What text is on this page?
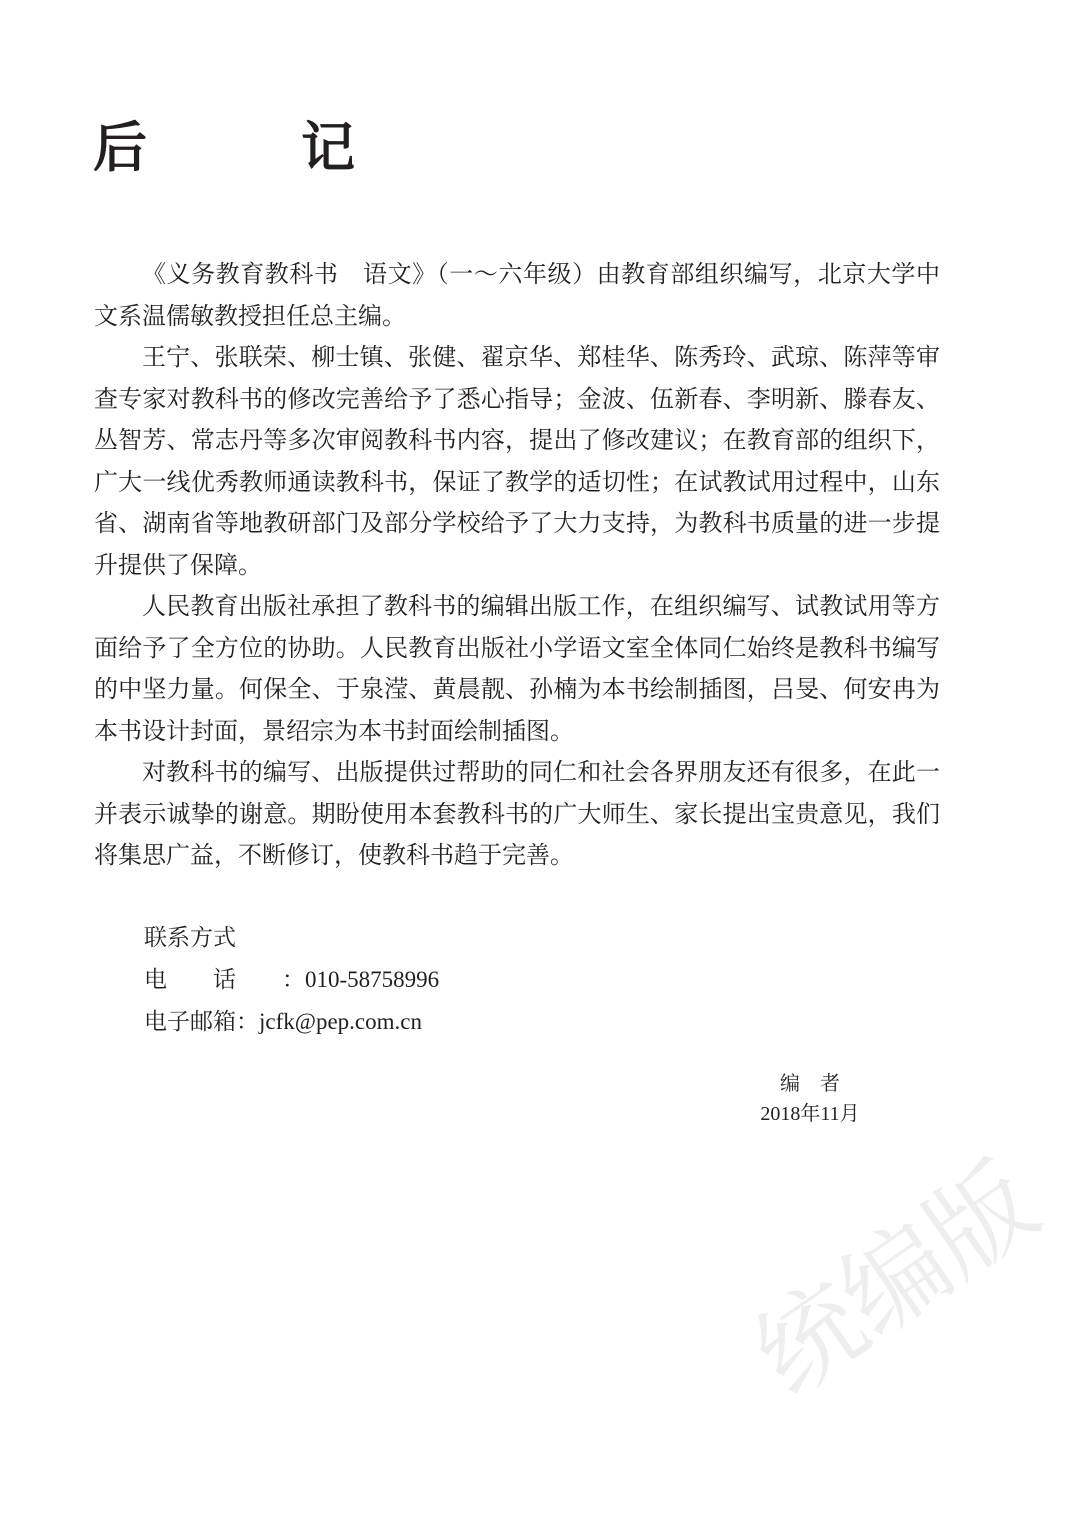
后　记

《义务教育教科书　语文》（一～六年级）由教育部组织编写，北京大学中文系温儒敏教授担任总主编。

王宁、张联荣、柳士镇、张健、翟京华、郑桂华、陈秀玲、武琼、陈萍等审查专家对教科书的修改完善给予了悉心指导；金波、伍新春、李明新、滕春友、丛智芳、常志丹等多次审阅教科书内容，提出了修改建议；在教育部的组织下，广大一线优秀教师通读教科书，保证了教学的适切性；在试教试用过程中，山东省、湖南省等地教研部门及部分学校给予了大力支持，为教科书质量的进一步提升提供了保障。

人民教育出版社承担了教科书的编辑出版工作，在组织编写、试教试用等方面给予了全方位的协助。人民教育出版社小学语文室全体同仁始终是教科书编写的中坚力量。何保全、于泉滢、黄晨靓、孙楠为本书绘制插图，吕旻、何安冉为本书设计封面，景绍宗为本书封面绘制插图。

对教科书的编写、出版提供过帮助的同仁和社会各界朋友还有很多，在此一并表示诚挚的谢意。期盼使用本套教科书的广大师生、家长提出宝贵意见，我们将集思广益，不断修订，使教科书趋于完善。

联系方式
电话：010-58758996
电子邮箱：jcfk@pep.com.cn
编者
2018年11月
统编版
